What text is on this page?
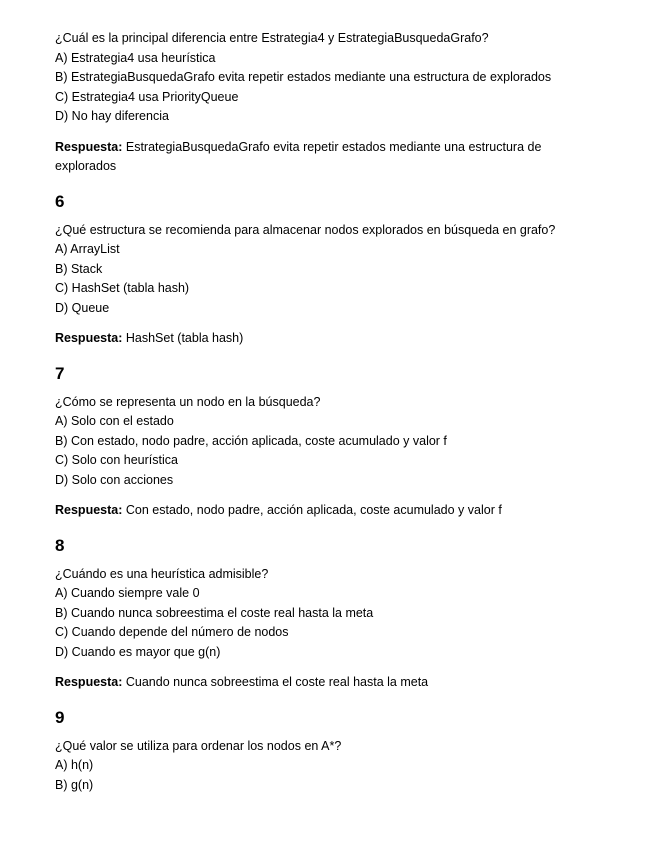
¿Cuál es la principal diferencia entre Estrategia4 y EstrategiaBusquedaGrafo?

A) Estrategia4 usa heurística

B) EstrategiaBusquedaGrafo evita repetir estados mediante una estructura de explorados

C) Estrategia4 usa PriorityQueue

D) No hay diferencia

Respuesta: EstrategiaBusquedaGrafo evita repetir estados mediante una estructura de explorados

6

¿Qué estructura se recomienda para almacenar nodos explorados en búsqueda en grafo?

A) ArrayList

B) Stack

C) HashSet (tabla hash)

D) Queue

Respuesta: HashSet (tabla hash)

7

¿Cómo se representa un nodo en la búsqueda?

A) Solo con el estado

B) Con estado, nodo padre, acción aplicada, coste acumulado y valor f

C) Solo con heurística

D) Solo con acciones

Respuesta: Con estado, nodo padre, acción aplicada, coste acumulado y valor f

8

¿Cuándo es una heurística admisible?

A) Cuando siempre vale 0

B) Cuando nunca sobreestima el coste real hasta la meta

C) Cuando depende del número de nodos

D) Cuando es mayor que g(n)

Respuesta: Cuando nunca sobreestima el coste real hasta la meta

9

¿Qué valor se utiliza para ordenar los nodos en A*?

A) h(n)

B) g(n)
